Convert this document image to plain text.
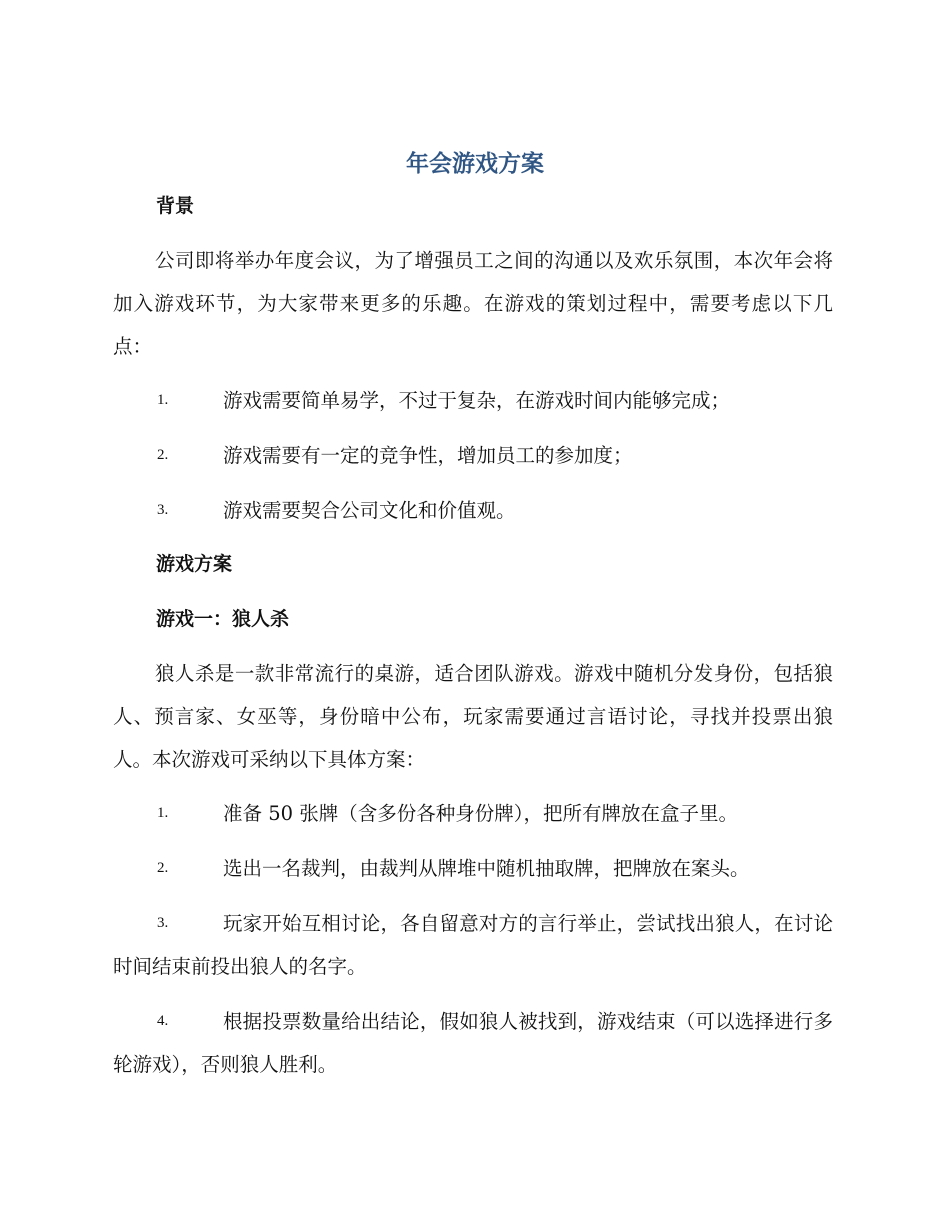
年会游戏方案
背景
公司即将举办年度会议，为了增强员工之间的沟通以及欢乐氛围，本次年会将加入游戏环节，为大家带来更多的乐趣。在游戏的策划过程中，需要考虑以下几点：
1.	游戏需要简单易学，不过于复杂，在游戏时间内能够完成；
2.	游戏需要有一定的竞争性，增加员工的参加度；
3.	游戏需要契合公司文化和价值观。
游戏方案
游戏一：狼人杀
狼人杀是一款非常流行的桌游，适合团队游戏。游戏中随机分发身份，包括狼人、预言家、女巫等，身份暗中公布，玩家需要通过言语讨论，寻找并投票出狼人。本次游戏可采纳以下具体方案：
1.	准备 50 张牌（含多份各种身份牌），把所有牌放在盒子里。
2.	选出一名裁判，由裁判从牌堆中随机抽取牌，把牌放在案头。
3.	玩家开始互相讨论，各自留意对方的言行举止，尝试找出狼人，在讨论时间结束前投出狼人的名字。
4.	根据投票数量给出结论，假如狼人被找到，游戏结束（可以选择进行多轮游戏），否则狼人胜利。
